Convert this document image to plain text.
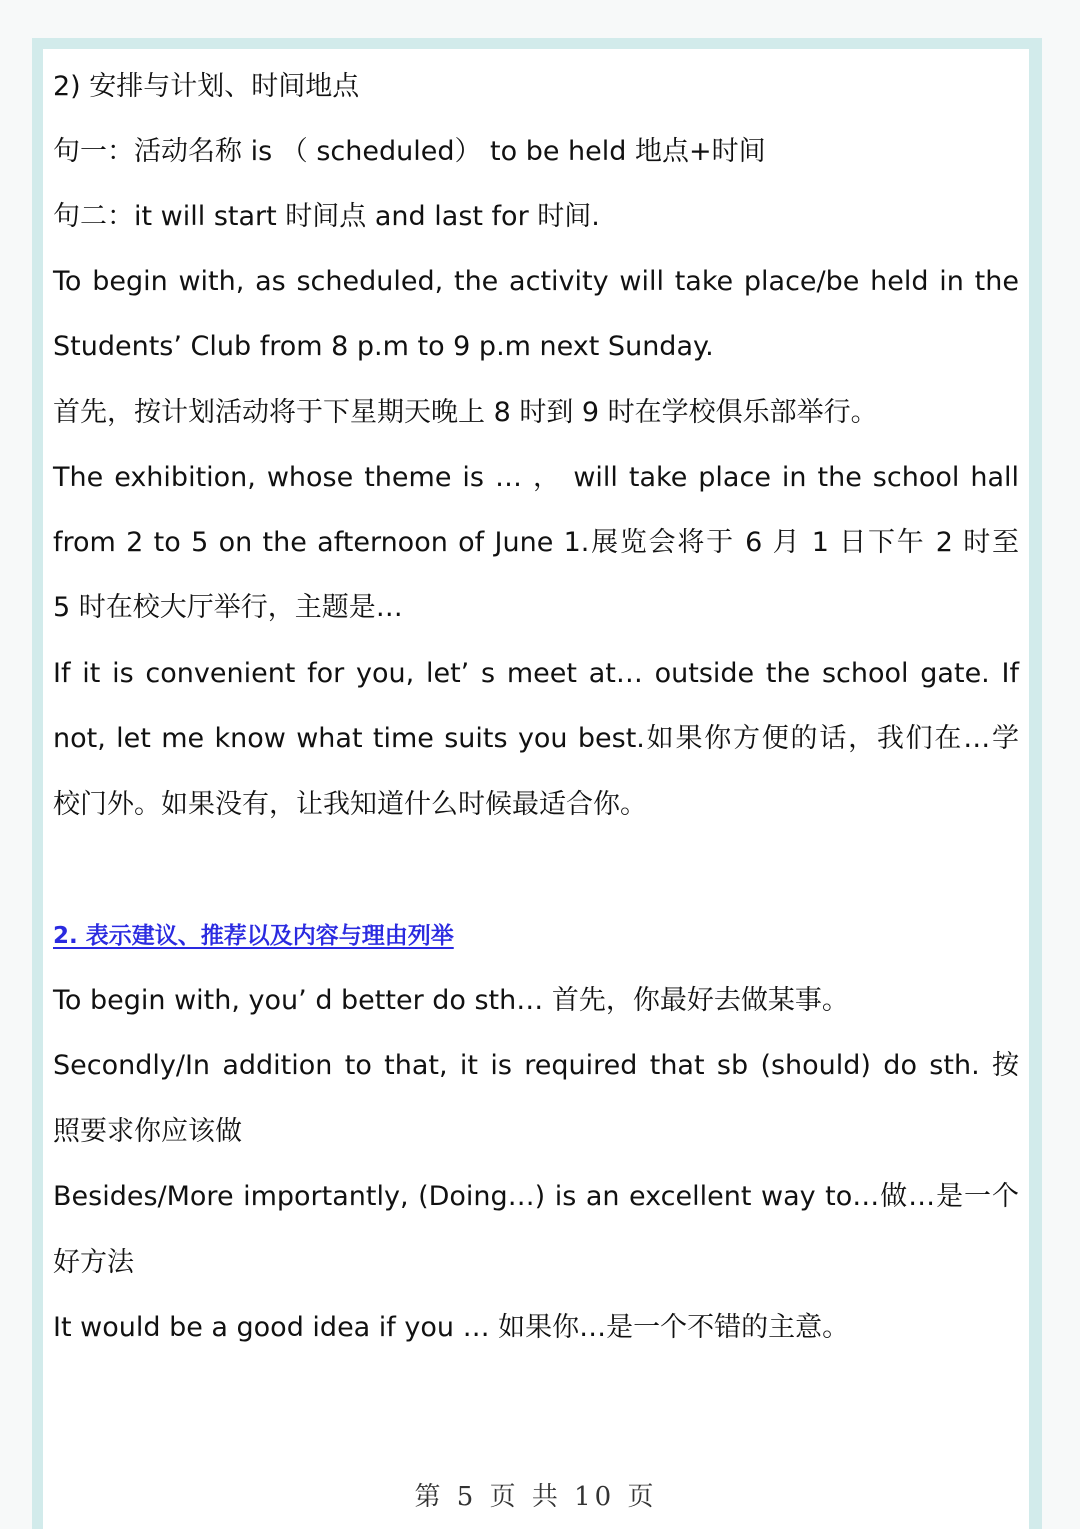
2) 安排与计划、时间地点
句一：活动名称 is （ scheduled） to be held 地点+时间
句二：it will start 时间点 and last for 时间.
To begin with, as scheduled, the activity will take place/be held in the
Students’ Club from 8 p.m to 9 p.m next Sunday.
首先，按计划活动将于下星期天晚上 8 时到 9 时在学校俱乐部举行。
The exhibition, whose theme is … ， will take place in the school hall
from 2 to 5 on the afternoon of June 1.展览会将于 6 月 1 日下午 2 时至
5 时在校大厅举行，主题是…
If it is convenient for you, let’ s meet at… outside the school gate. If
not, let me know what time suits you best.如果你方便的话，我们在…学
校门外。如果没有，让我知道什么时候最适合你。
2. 表示建议、推荐以及内容与理由列举
To begin with, you’ d better do sth… 首先，你最好去做某事。
Secondly/In addition to that, it is required that sb (should) do sth. 按
照要求你应该做
Besides/More importantly, (Doing…) is an excellent way to…做…是一个
好方法
It would be a good idea if you … 如果你…是一个不错的主意。
第 5 页 共 10 页
